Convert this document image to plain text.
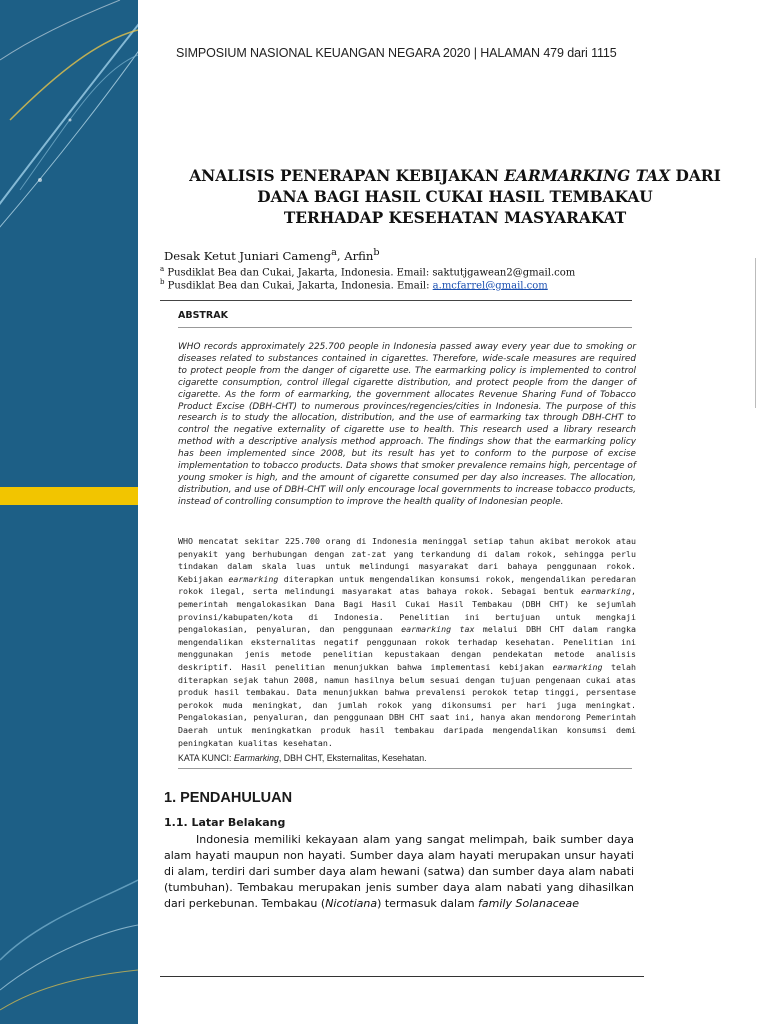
SIMPOSIUM NASIONAL KEUANGAN NEGARA 2020 | HALAMAN 479 dari 1115
ANALISIS PENERAPAN KEBIJAKAN EARMARKING TAX DARI
DANA BAGI HASIL CUKAI HASIL TEMBAKAU
TERHADAP KESEHATAN MASYARAKAT
Desak Ketut Juniari Cameng$^a$, Arfin$^b$
$^a$ Pusdiklat Bea dan Cukai, Jakarta, Indonesia. Email: saktutjgawean2@gmail.com
$^b$ Pusdiklat Bea dan Cukai, Jakarta, Indonesia. Email: a.mcfarrel@gmail.com
ABSTRAK
WHO records approximately 225.700 people in Indonesia passed away every year due to smoking or diseases related to substances contained in cigarettes. Therefore, wide-scale measures are required to protect people from the danger of cigarette use. The earmarking policy is implemented to control cigarette consumption, control illegal cigarette distribution, and protect people from the danger of cigarette. As the form of earmarking, the government allocates Revenue Sharing Fund of Tobacco Product Excise (DBH-CHT) to numerous provinces/regencies/cities in Indonesia. The purpose of this research is to study the allocation, distribution, and the use of earmarking tax through DBH-CHT to control the negative externality of cigarette use to health. This research used a library research method with a descriptive analysis method approach. The findings show that the earmarking policy has been implemented since 2008, but its result has yet to conform to the purpose of excise implementation to tobacco products. Data shows that smoker prevalence remains high, percentage of young smoker is high, and the amount of cigarette consumed per day also increases. The allocation, distribution, and use of DBH-CHT will only encourage local governments to increase tobacco products, instead of controlling consumption to improve the health quality of Indonesian people.
WHO mencatat sekitar 225.700 orang di Indonesia meninggal setiap tahun akibat merokok atau penyakit yang berhubungan dengan zat-zat yang terkandung di dalam rokok, sehingga perlu tindakan dalam skala luas untuk melindungi masyarakat dari bahaya penggunaan rokok. Kebijakan earmarking diterapkan untuk mengendalikan konsumsi rokok, mengendalikan peredaran rokok ilegal, serta melindungi masyarakat atas bahaya rokok. Sebagai bentuk earmarking, pemerintah mengalokasikan Dana Bagi Hasil Cukai Hasil Tembakau (DBH CHT) ke sejumlah provinsi/kabupaten/kota di Indonesia. Penelitian ini bertujuan untuk mengkaji pengalokasian, penyaluran, dan penggunaan earmarking tax melalui DBH CHT dalam rangka mengendalikan eksternalitas negatif penggunaan rokok terhadap kesehatan. Penelitian ini menggunakan jenis metode penelitian kepustakaan dengan pendekatan metode analisis deskriptif. Hasil penelitian menunjukkan bahwa implementasi kebijakan earmarking telah diterapkan sejak tahun 2008, namun hasilnya belum sesuai dengan tujuan pengenaan cukai atas produk hasil tembakau. Data menunjukkan bahwa prevalensi perokok tetap tinggi, persentase perokok muda meningkat, dan jumlah rokok yang dikonsumsi per hari juga meningkat. Pengalokasian, penyaluran, dan penggunaan DBH CHT saat ini, hanya akan mendorong Pemerintah Daerah untuk meningkatkan produk hasil tembakau daripada mengendalikan konsumsi demi peningkatan kualitas kesehatan.
KATA KUNCI: Earmarking, DBH CHT, Eksternalitas, Kesehatan.
1. PENDAHULUAN
1.1. Latar Belakang
Indonesia memiliki kekayaan alam yang sangat melimpah, baik sumber daya alam hayati maupun non hayati. Sumber daya alam hayati merupakan unsur hayati di alam, terdiri dari sumber daya alam hewani (satwa) dan sumber daya alam nabati (tumbuhan). Tembakau merupakan jenis sumber daya alam nabati yang dihasilkan dari perkebunan. Tembakau (Nicotiana) termasuk dalam family Solanaceae
